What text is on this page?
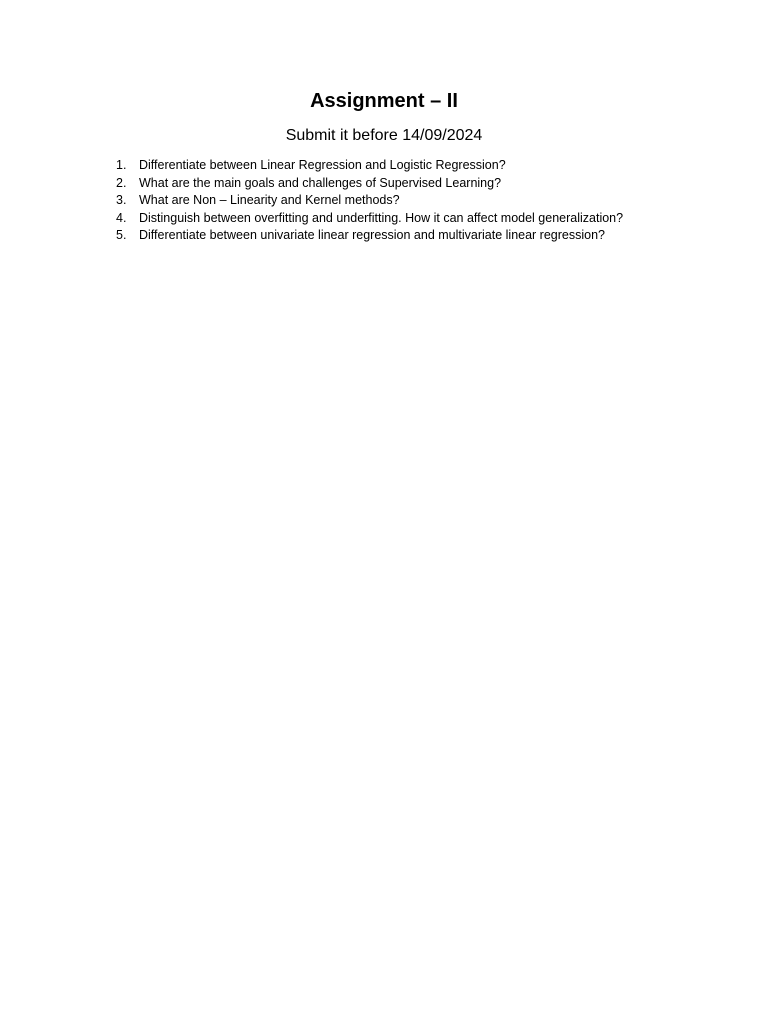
Assignment – II
Submit it before 14/09/2024
1. Differentiate between Linear Regression and Logistic Regression?
2. What are the main goals and challenges of Supervised Learning?
3. What are Non – Linearity and Kernel methods?
4. Distinguish between overfitting and underfitting. How it can affect model generalization?
5. Differentiate between univariate linear regression and multivariate linear regression?
